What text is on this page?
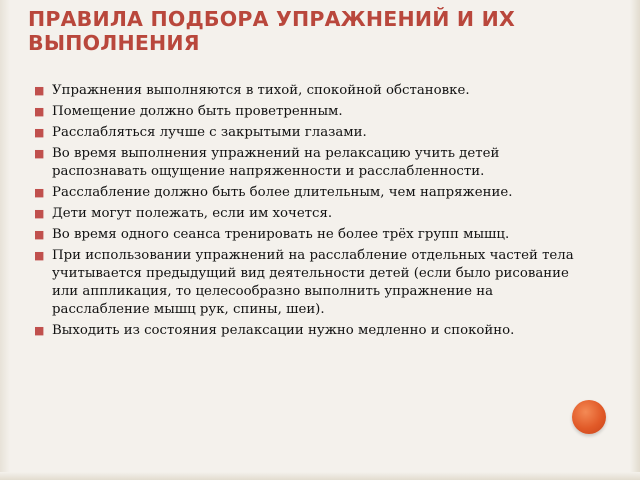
ПРАВИЛА ПОДБОРА УПРАЖНЕНИЙ И ИХ ВЫПОЛНЕНИЯ
■ Упражнения выполняются в тихой, спокойной обстановке.
■ Помещение должно быть проветренным.
■ Расслабляться лучше с закрытыми глазами.
■ Во время выполнения упражнений на релаксацию учить детей распознавать ощущение напряженности и расслабленности.
■ Расслабление должно быть более длительным, чем напряжение.
■ Дети могут полежать, если им хочется.
■ Во время одного сеанса тренировать не более трёх групп мышц.
■ При использовании упражнений на расслабление отдельных частей тела учитывается предыдущий вид деятельности детей (если было рисование или аппликация, то целесообразно выполнить упражнение на расслабление мышц рук, спины, шеи).
■ Выходить из состояния релаксации нужно медленно и спокойно.
